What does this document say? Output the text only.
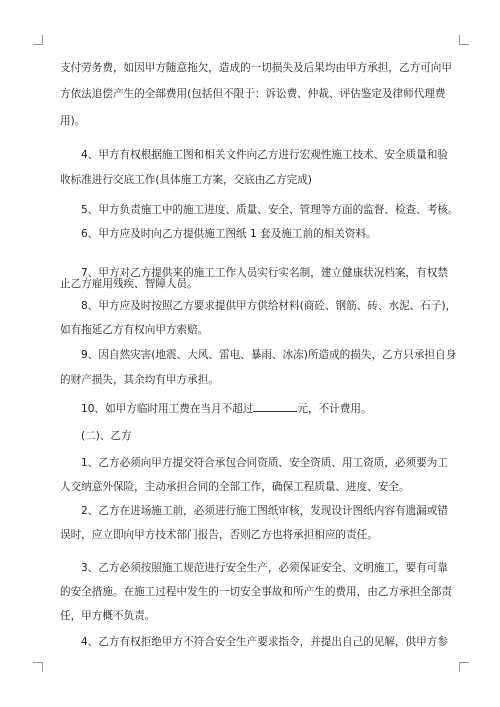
支付劳务费，如因甲方随意拖欠，造成的一切损失及后果均由甲方承担，乙方可向甲
方依法追偿产生的全部费用(包括但不限于：诉讼费、仲裁、评估鉴定及律师代理费
用)。
4、甲方有权根据施工图和相关文件向乙方进行宏观性施工技术、安全质量和验
收标准进行交底工作(具体施工方案，交底由乙方完成)
5、甲方负责施工中的施工进度、质量、安全、管理等方面的监督、检查、考核。
6、甲方应及时向乙方提供施工图纸 1 套及施工前的相关资料。
7、甲方对乙方提供来的施工工作人员实行实名制，建立健康状况档案，有权禁
止乙方雇用残疾、智障人员。
8、甲方应及时按照乙方要求提供甲方供给材料(商砼、钢筋、砖、水泥、石子)，
如有拖延乙方有权向甲方索赔。
9、因自然灾害(地震、大风、雷电、暴雨、冰冻)所造成的损失，乙方只承担自身
的财产损失，其余均有甲方承担。
10、如甲方临时用工费在当月不超过	元，不计费用。
(二)、乙方
1、乙方必须向甲方提交符合承包合同资质、安全资质、用工资质，必须要为工
人交纳意外保险，主动承担合同的全部工作，确保工程质量、进度、安全。
2、乙方在进场施工前，必须进行施工图纸审核，发现设计图纸内容有遗漏或错
误时，应立即向甲方技术部门报告，否则乙方也将承担相应的责任。
3、乙方必须按照施工规范进行安全生产，必须保证安全、文明施工，要有可靠
的安全措施。在施工过程中发生的一切安全事故和所产生的费用，由乙方承担全部责
任，甲方概不负责。
4、乙方有权拒绝甲方不符合安全生产要求指令，并提出自己的见解，供甲方参
